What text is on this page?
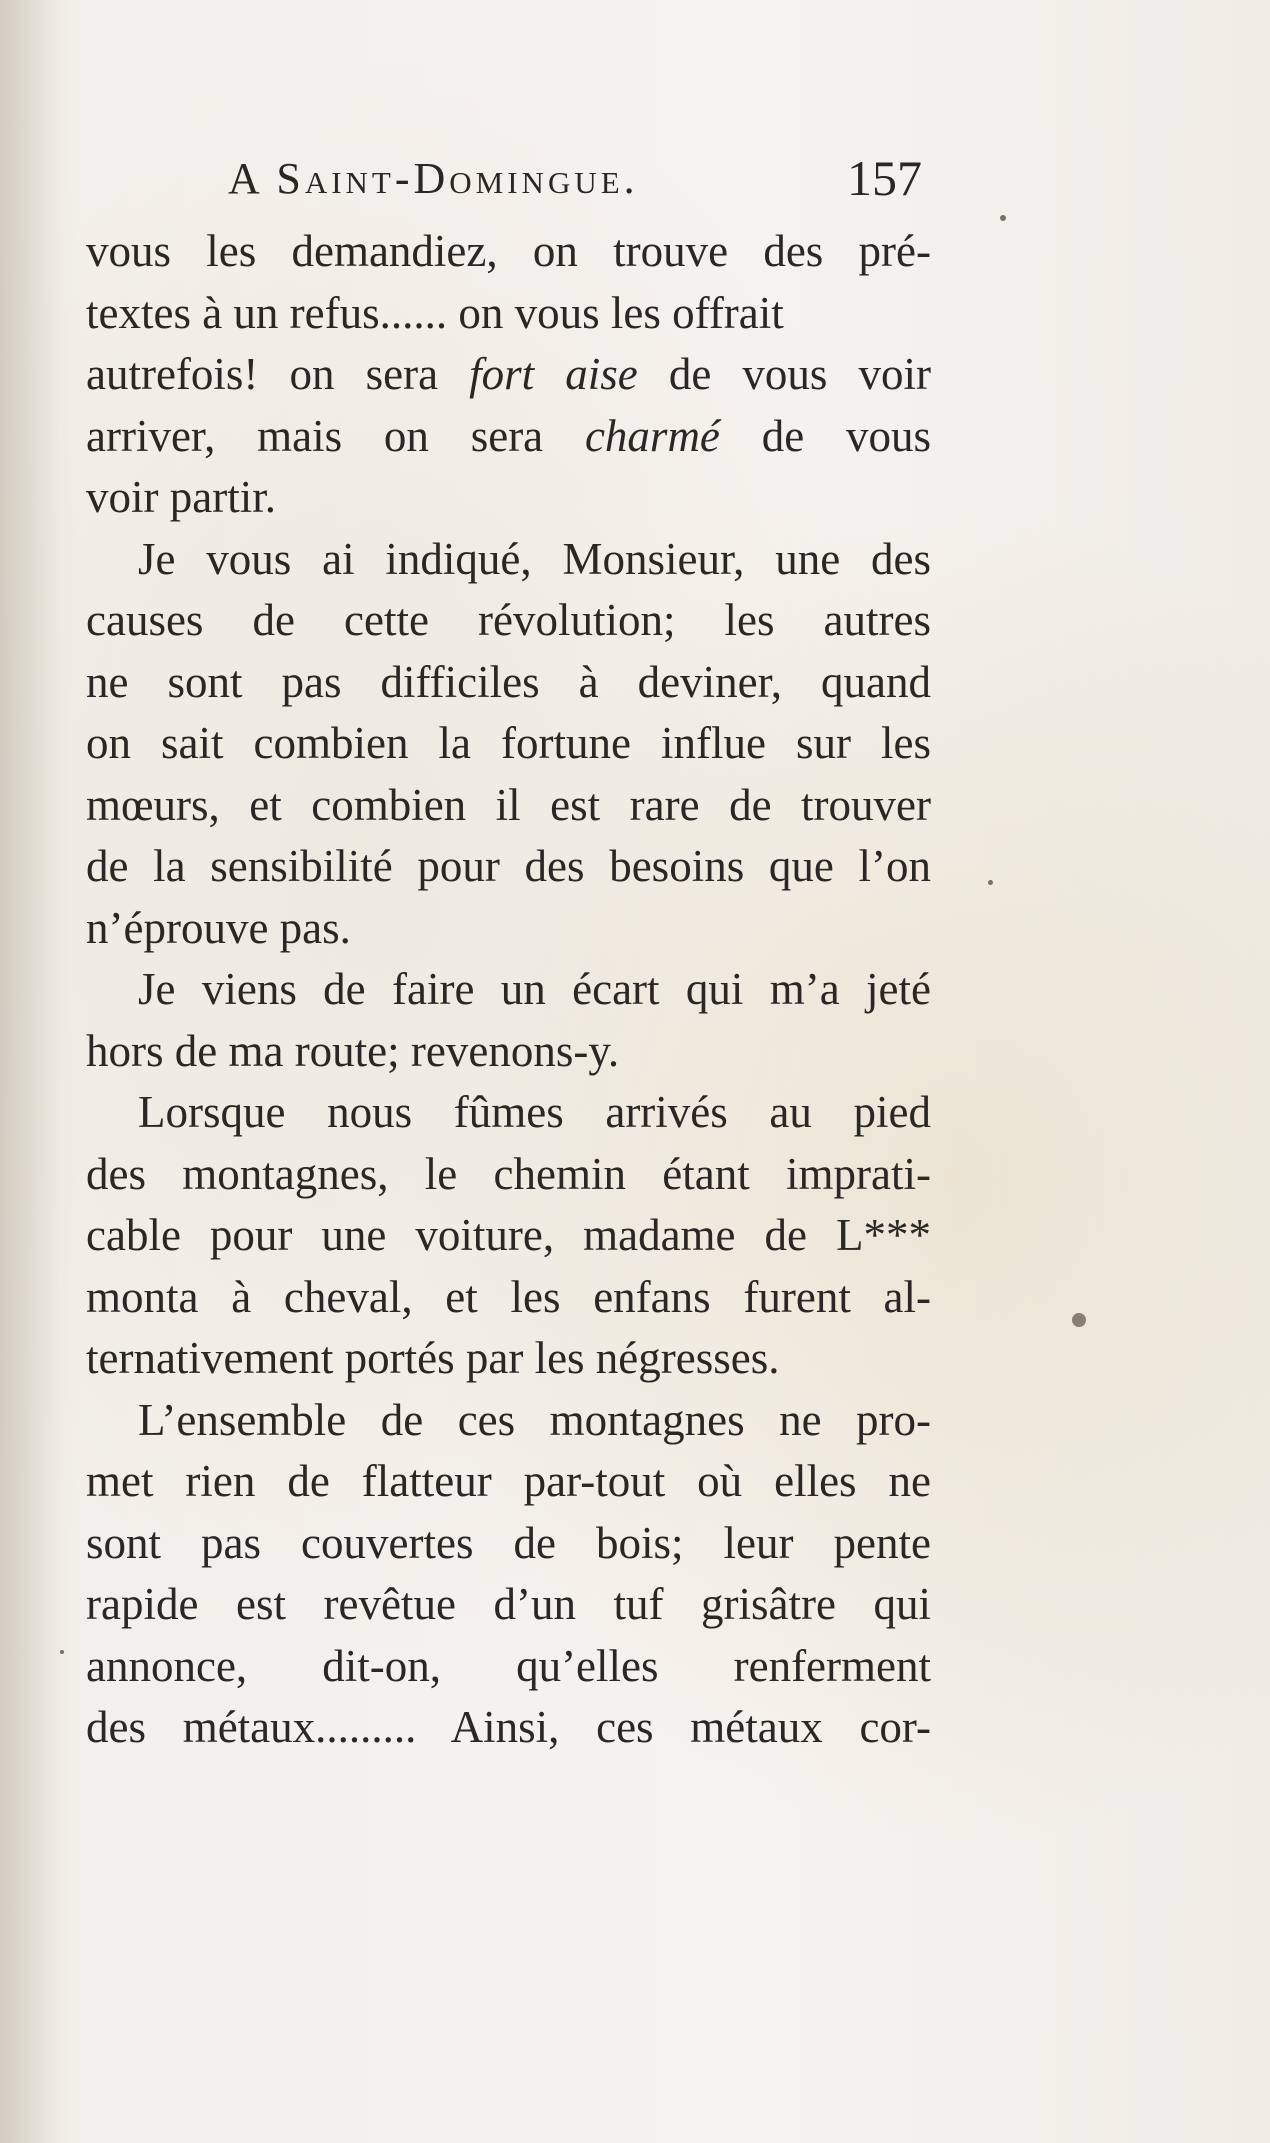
A Saint-Domingue.	157
vous les demandiez, on trouve des pré-
textes à un refus...... on vous les offrait
autrefois! on sera fort aise de vous voir
arriver, mais on sera charmé de vous
voir partir.
Je vous ai indiqué, Monsieur, une des
causes de cette révolution; les autres
ne sont pas difficiles à deviner, quand
on sait combien la fortune influe sur les
mœurs, et combien il est rare de trouver
de la sensibilité pour des besoins que l’on
n’éprouve pas.
Je viens de faire un écart qui m’a jeté
hors de ma route; revenons-y.
Lorsque nous fûmes arrivés au pied
des montagnes, le chemin étant imprati-
cable pour une voiture, madame de L***
monta à cheval, et les enfans furent al-
ternativement portés par les négresses.
L’ensemble de ces montagnes ne pro-
met rien de flatteur par-tout où elles ne
sont pas couvertes de bois; leur pente
rapide est revêtue d’un tuf grisâtre qui
annonce, dit-on, qu’elles renferment
des métaux......... Ainsi, ces métaux cor-
